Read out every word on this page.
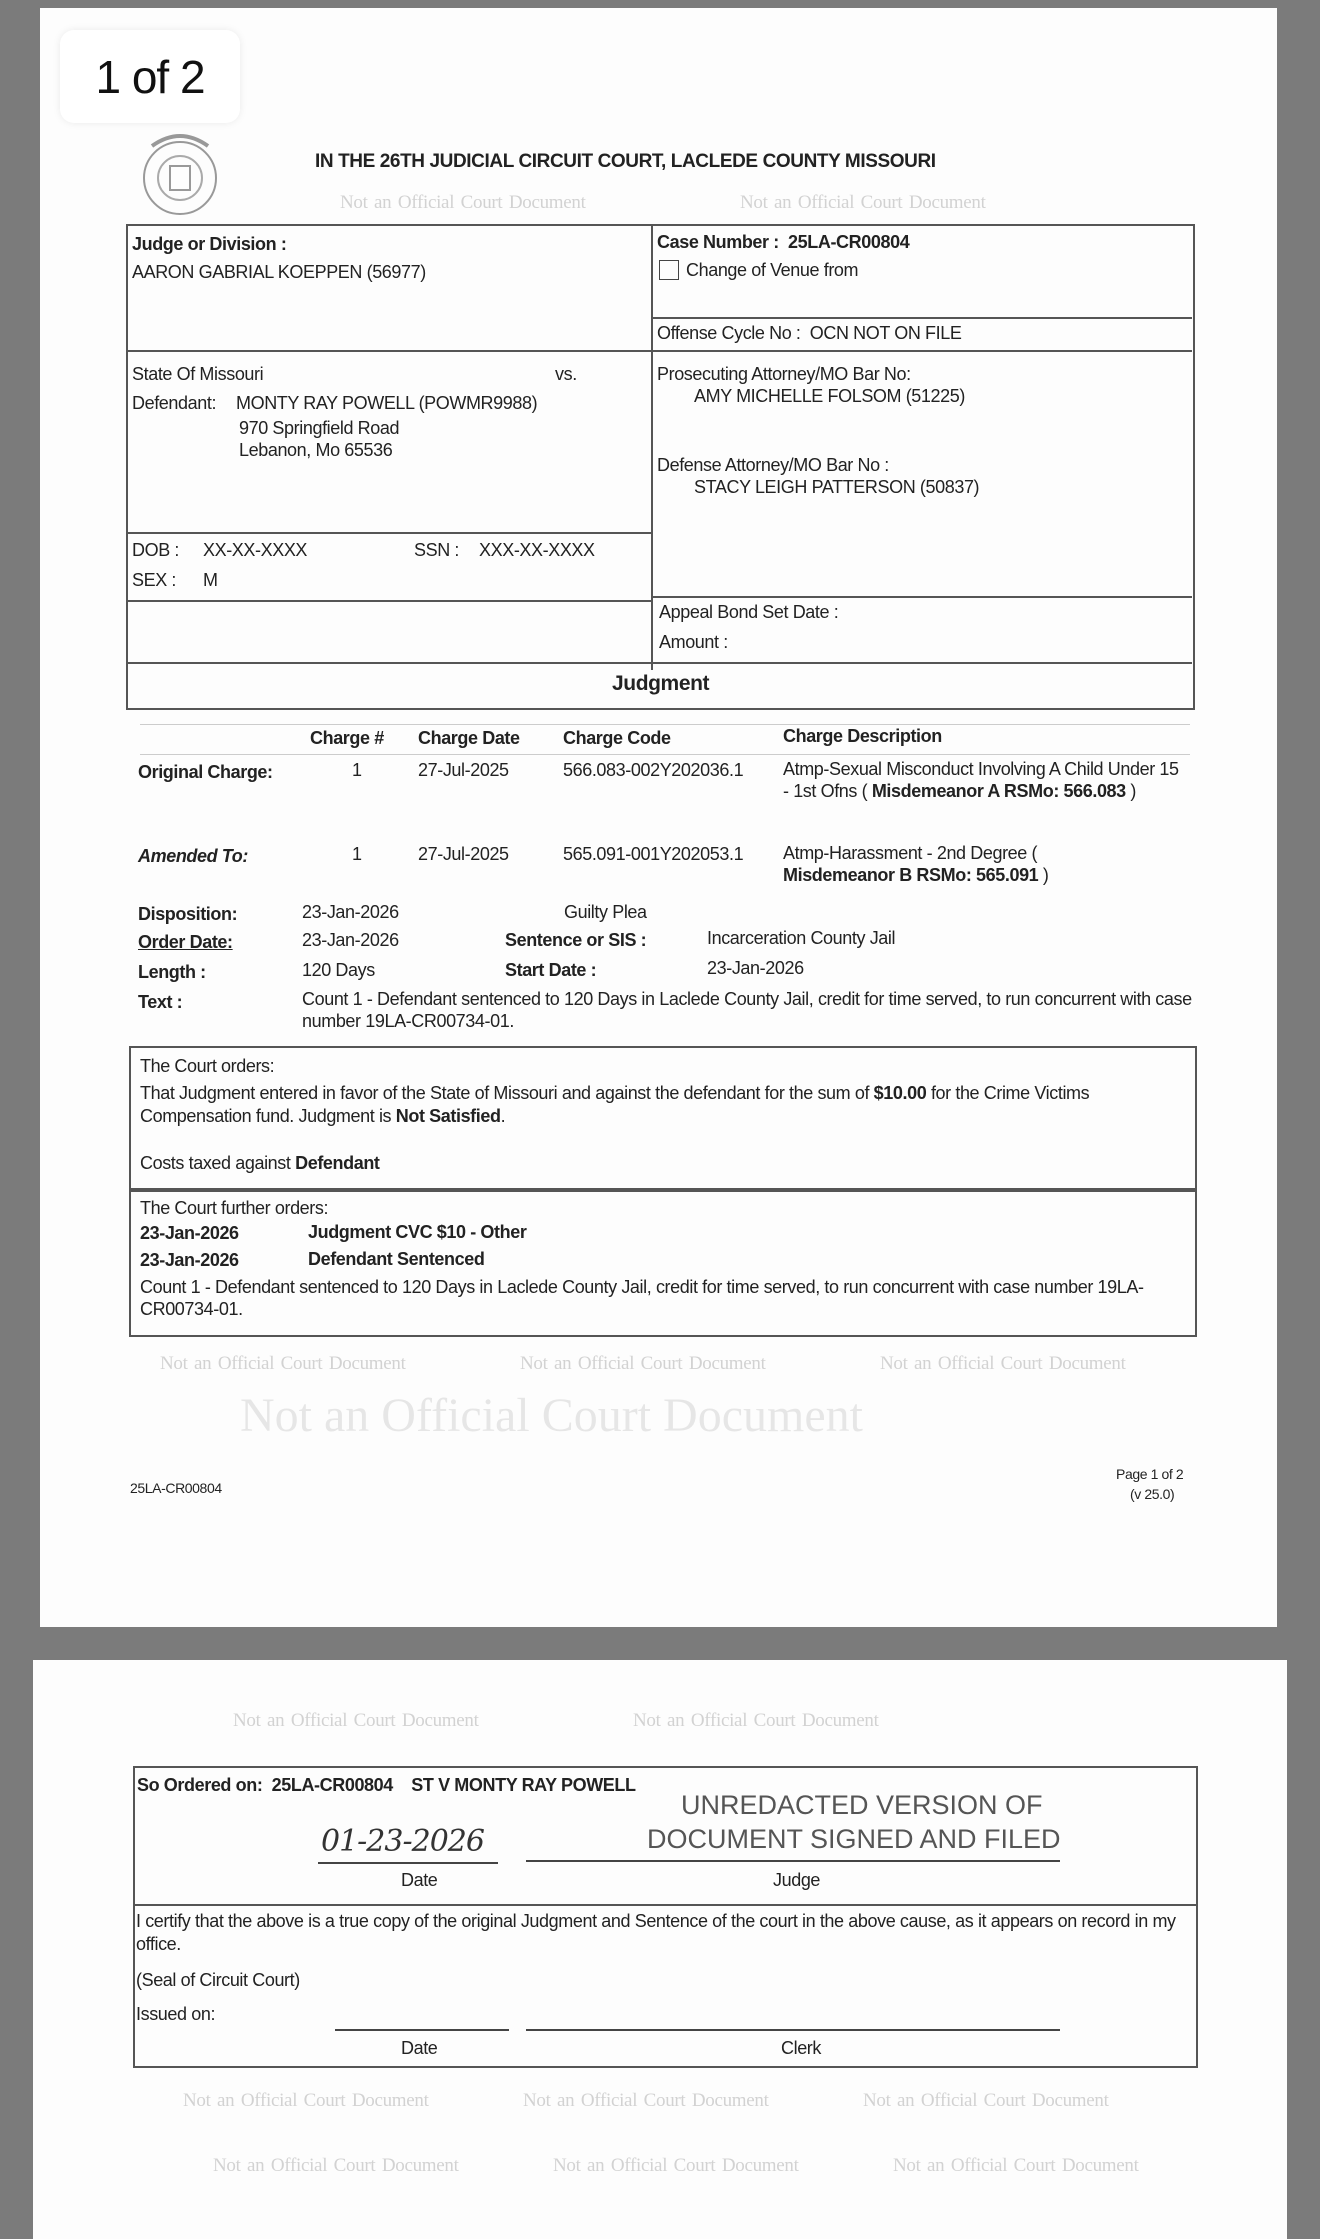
Not an Official Court Document	Not an Official Court Document
Not an Official Court Document	Not an Official Court Document	Not an Official Court Document
Not an Official Court Document
1 of 2
IN THE 26TH JUDICIAL CIRCUIT COURT, LACLEDE COUNTY MISSOURI
Judge or Division :
AARON GABRIAL KOEPPEN (56977)
Case Number : 25LA-CR00804
Change of Venue from
Offense Cycle No : OCN NOT ON FILE
State Of Missouri	vs.
Defendant: MONTY RAY POWELL (POWMR9988)
970 Springfield Road
Lebanon, Mo 65536
Prosecuting Attorney/MO Bar No:
AMY MICHELLE FOLSOM (51225)
Defense Attorney/MO Bar No :
STACY LEIGH PATTERSON (50837)
DOB : XX-XX-XXXX	SSN : XXX-XX-XXXX
SEX : M
Appeal Bond Set Date :
Amount :
Judgment
Charge # Charge Date Charge Code	Charge Description
Original Charge:	1	27-Jul-2025	566.083-002Y202036.1 Atmp-Sexual Misconduct Involving A Child Under 15 - 1st Ofns ( Misdemeanor A RSMo: 566.083 )
Amended To:	1	27-Jul-2025	565.091-001Y202053.1 Atmp-Harassment - 2nd Degree ( Misdemeanor B RSMo: 565.091 )
Disposition:	23-Jan-2026	Guilty Plea
Order Date:	23-Jan-2026	Sentence or SIS :	Incarceration County Jail
Length :	120 Days	Start Date :	23-Jan-2026
Text :	Count 1 - Defendant sentenced to 120 Days in Laclede County Jail, credit for time served, to run concurrent with case number 19LA-CR00734-01.
The Court orders:
That Judgment entered in favor of the State of Missouri and against the defendant for the sum of $10.00 for the Crime Victims Compensation fund. Judgment is Not Satisfied.
Costs taxed against Defendant
The Court further orders:
23-Jan-2026	Judgment CVC $10 - Other
23-Jan-2026	Defendant Sentenced
Count 1 - Defendant sentenced to 120 Days in Laclede County Jail, credit for time served, to run concurrent with case number 19LA-CR00734-01.
25LA-CR00804
Page 1 of 2
(v 25.0)
Not an Official Court Document	Not an Official Court Document
Not an Official Court Document	Not an Official Court Document	Not an Official Court Document
Not an Official Court Document	Not an Official Court Document	Not an Official Court Document
So Ordered on: 25LA-CR00804 ST V MONTY RAY POWELL
01-23-2026
UNREDACTED VERSION OF
DOCUMENT SIGNED AND FILED
Date	Judge
I certify that the above is a true copy of the original Judgment and Sentence of the court in the above cause, as it appears on record in my office.
(Seal of Circuit Court)
Issued on:
Date	Clerk
